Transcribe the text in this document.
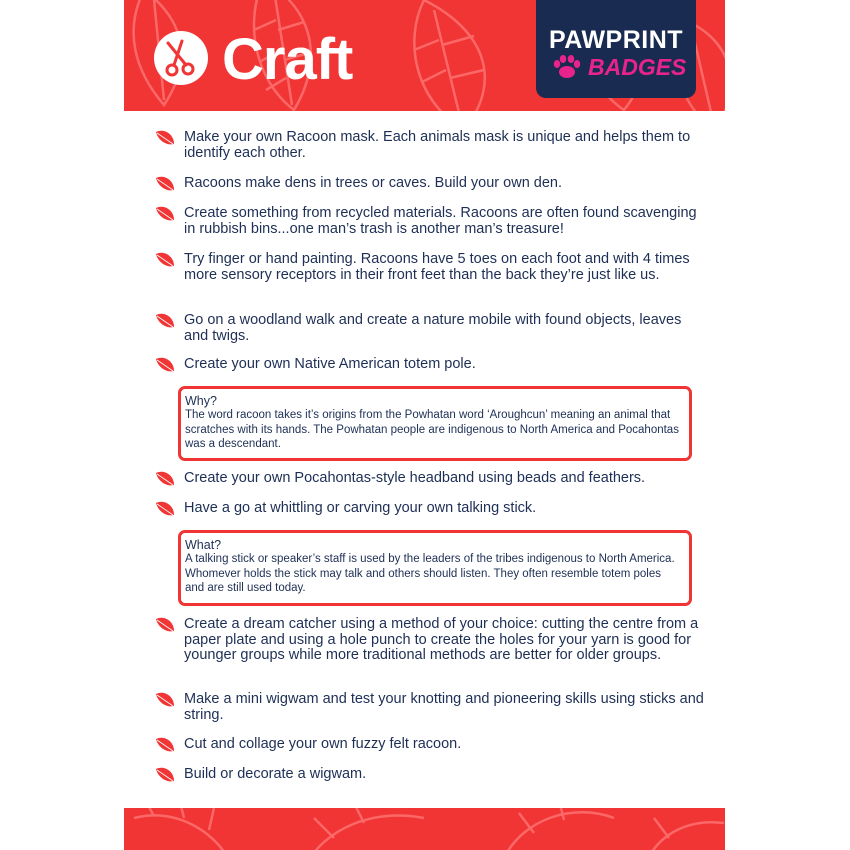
Craft	PAWPRINT
BADGES
Make your own Racoon mask. Each animals mask is unique and helps them to identify each other.
Racoons make dens in trees or caves. Build your own den.
Create something from recycled materials. Racoons are often found scavenging in rubbish bins...one man’s trash is another man’s treasure!
Try finger or hand painting. Racoons have 5 toes on each foot and with 4 times more sensory receptors in their front feet than the back they’re just like us.
Go on a woodland walk and create a nature mobile with found objects, leaves and twigs.
Create your own Native American totem pole.
Why?
The word racoon takes it’s origins from the Powhatan word ‘Aroughcun’ meaning an animal that scratches with its hands. The Powhatan people are indigenous to North America and Pocahontas was a descendant.
Create your own Pocahontas-style headband using beads and feathers.
Have a go at whittling or carving your own talking stick.
What?
A talking stick or speaker’s staff is used by the leaders of the tribes indigenous to North America. Whomever holds the stick may talk and others should listen. They often resemble totem poles and are still used today.
Create a dream catcher using a method of your choice: cutting the centre from a paper plate and using a hole punch to create the holes for your yarn is good for younger groups while more traditional methods are better for older groups.
Make a mini wigwam and test your knotting and pioneering skills using sticks and string.
Cut and collage your own fuzzy felt racoon.
Build or decorate a wigwam.
